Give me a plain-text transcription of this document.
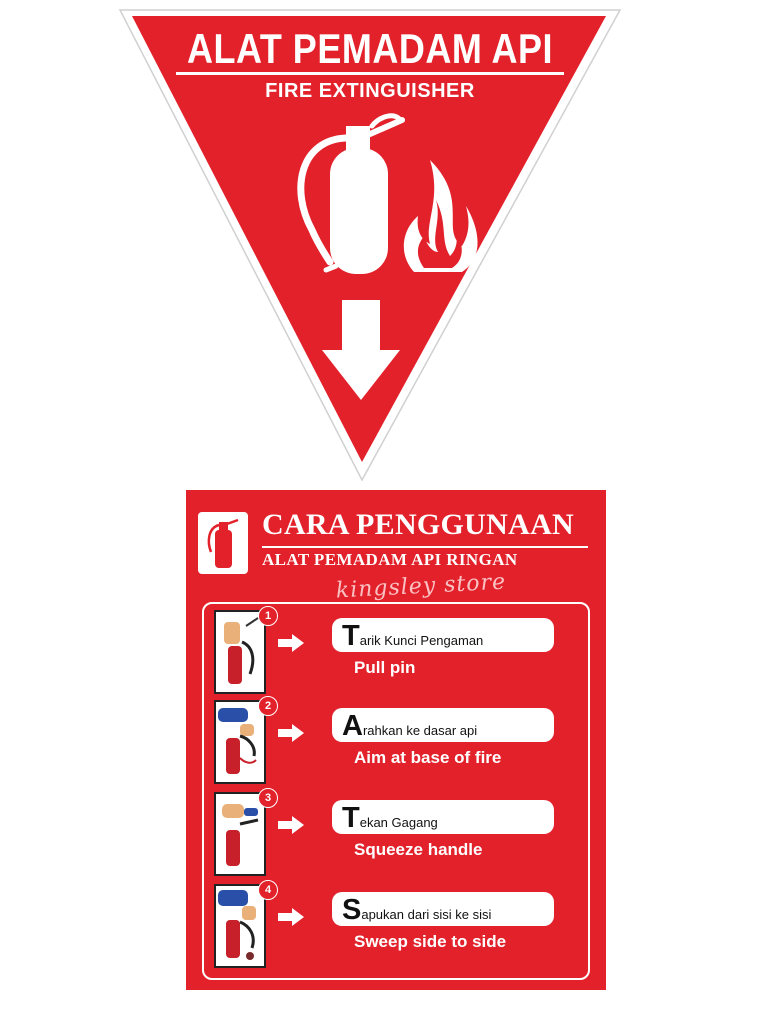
ALAT PEMADAM API
FIRE EXTINGUISHER
CARA PENGGUNAAN
ALAT PEMADAM API RINGAN
kingsley store
1
Tarik Kunci Pengaman
Pull pin
2
Arahkan ke dasar api
Aim at base of fire
3
Tekan Gagang
Squeeze handle
4
Sapukan dari sisi ke sisi
Sweep side to side
